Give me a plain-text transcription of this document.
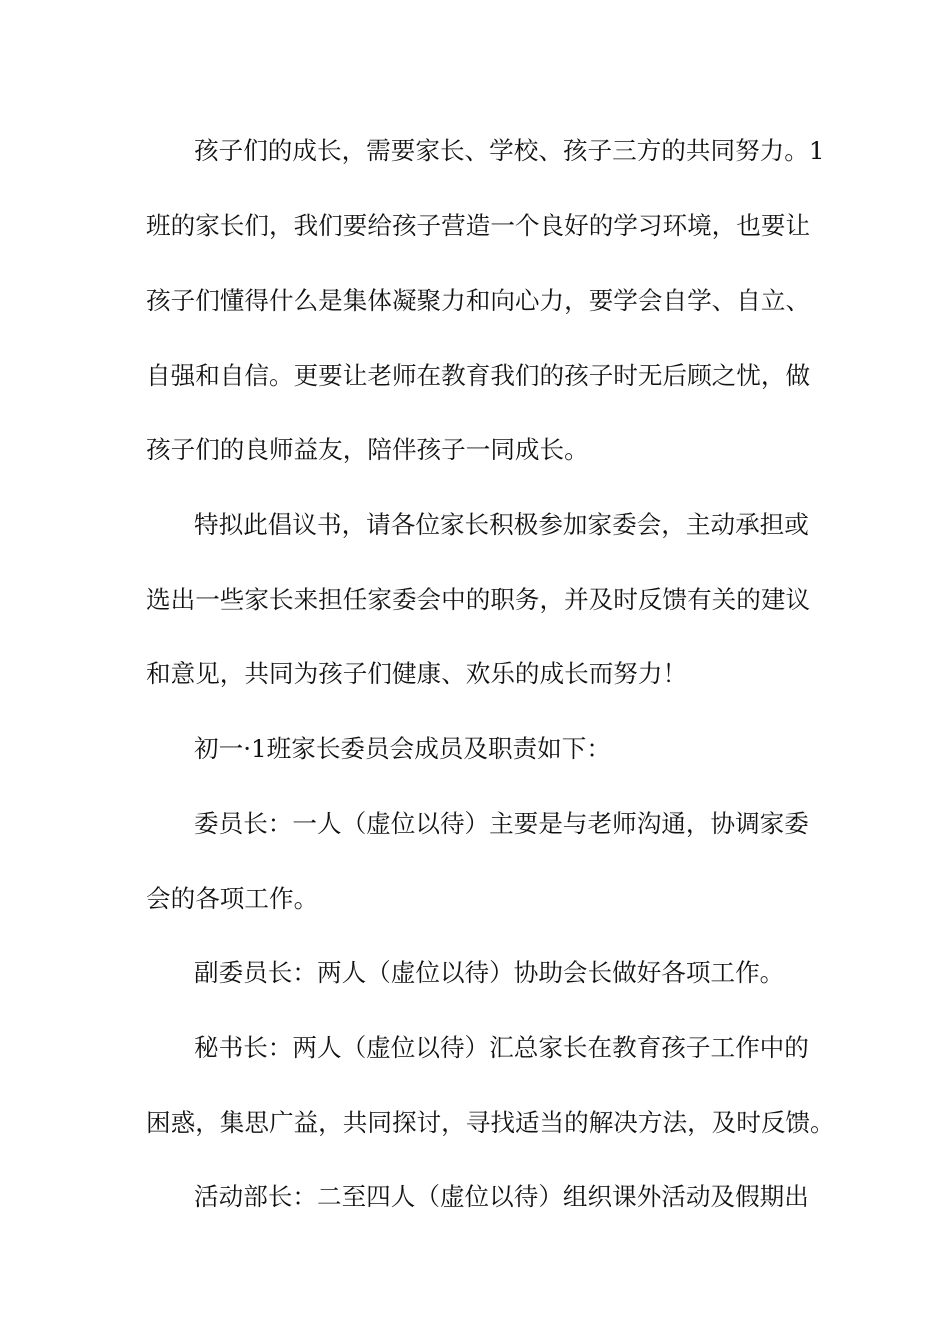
孩子们的成长，需要家长、学校、孩子三方的共同努力。1
班的家长们，我们要给孩子营造一个良好的学习环境，也要让
孩子们懂得什么是集体凝聚力和向心力，要学会自学、自立、
自强和自信。更要让老师在教育我们的孩子时无后顾之忧，做
孩子们的良师益友，陪伴孩子一同成长。
特拟此倡议书，请各位家长积极参加家委会，主动承担或
选出一些家长来担任家委会中的职务，并及时反馈有关的建议
和意见，共同为孩子们健康、欢乐的成长而努力！
初一·1班家长委员会成员及职责如下：
委员长：一人（虚位以待）主要是与老师沟通，协调家委
会的各项工作。
副委员长：两人（虚位以待）协助会长做好各项工作。
秘书长：两人（虚位以待）汇总家长在教育孩子工作中的
困惑，集思广益，共同探讨，寻找适当的解决方法，及时反馈。
活动部长：二至四人（虚位以待）组织课外活动及假期出
